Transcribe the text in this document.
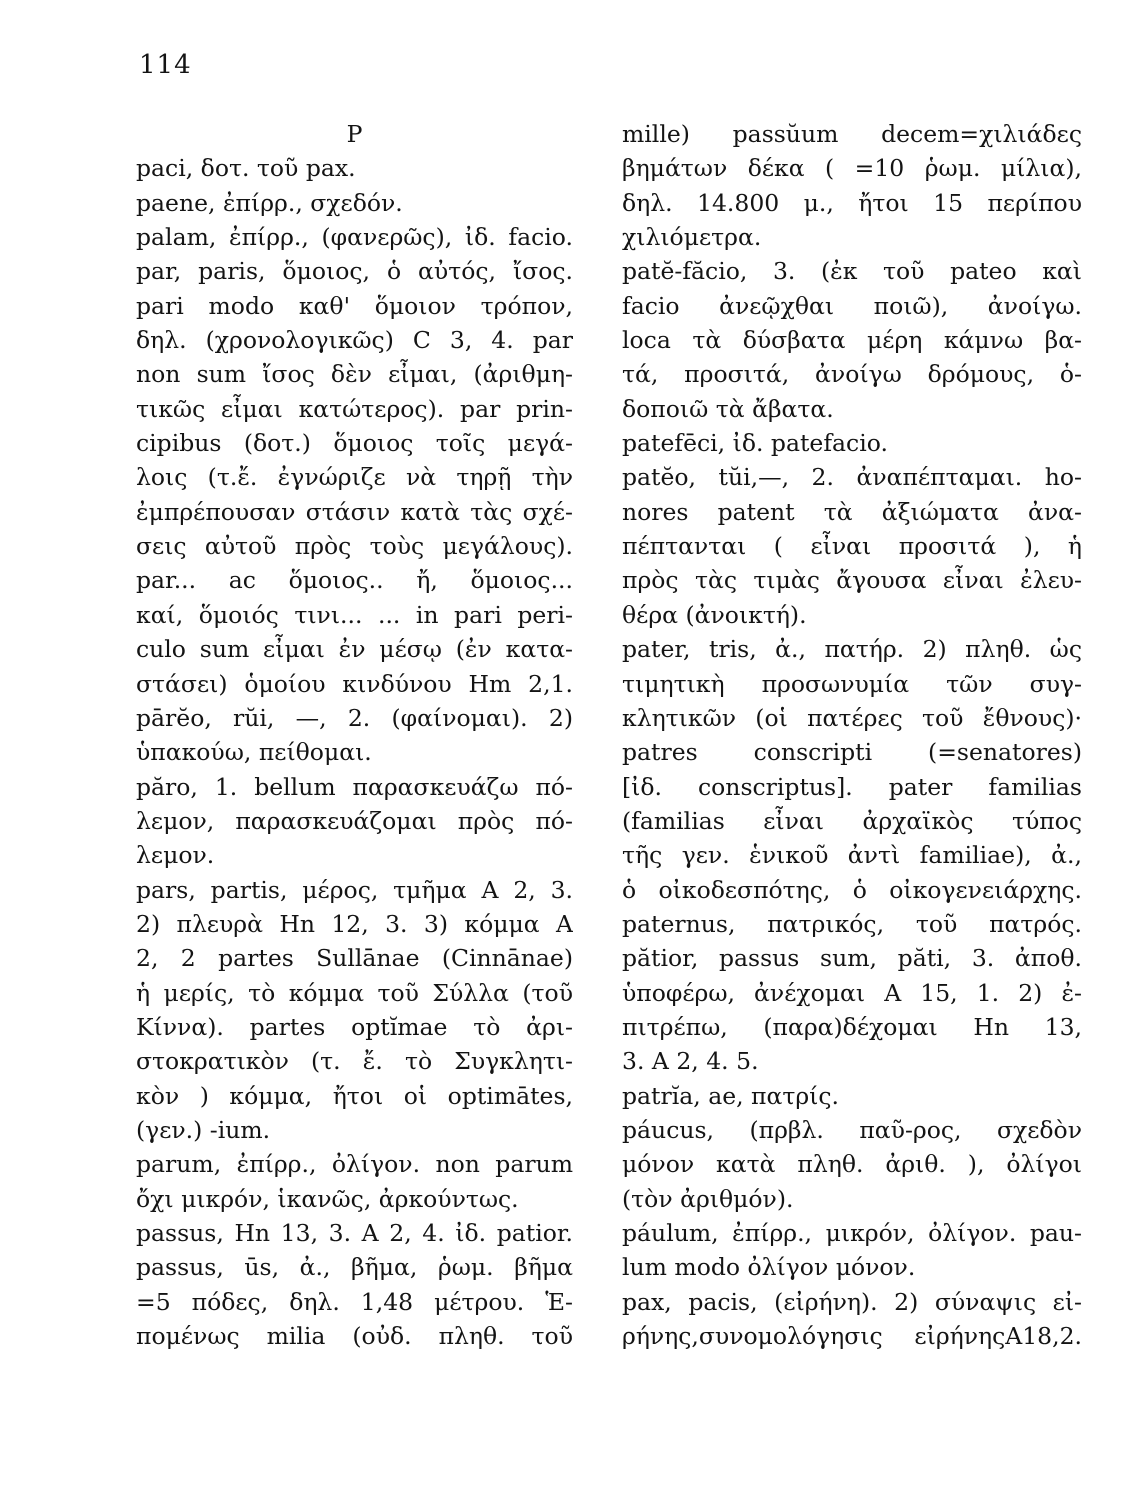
114
P
paci, δοτ. τοῦ pax.
paene, ἐπίρρ., σχεδόν.
palam, ἐπίρρ., (φανερῶς), ἰδ. facio.
par, paris, ὅμοιος, ὁ αὐτός, ἴσος.
pari modo καθ' ὅμοιον τρόπον,
δηλ. (χρονολογικῶς) C 3, 4. par
non sum ἴσος δὲν εἶμαι, (ἀριθμη-
τικῶς εἶμαι κατώτερος). par prin-
cipibus (δοτ.) ὅμοιος τοῖς μεγά-
λοις (τ.ἔ. ἐγνώριζε νὰ τηρῇ τὴν
ἐμπρέπουσαν στάσιν κατὰ τὰς σχέ-
σεις αὐτοῦ πρὸς τοὺς μεγάλους).
par... ac ὅμοιος.. ἤ, ὅμοιος...
καί, ὅμοιός τινι... ... in pari peri-
culo sum εἶμαι ἐν μέσῳ (ἐν κατα-
στάσει) ὁμοίου κινδύνου Hm 2,1.
pārĕo, rŭi, —, 2. (φαίνομαι). 2)
ὑπακούω, πείθομαι.
păro, 1. bellum παρασκευάζω πό-
λεμον, παρασκευάζομαι πρὸς πό-
λεμον.
pars, partis, μέρος, τμῆμα A 2, 3.
2) πλευρὰ Hn 12, 3. 3) κόμμα A
2, 2 partes Sullānae (Cinnānae)
ἡ μερίς, τὸ κόμμα τοῦ Σύλλα (τοῦ
Κίννα). partes optĭmae τὸ ἀρι-
στοκρατικὸν (τ. ἔ. τὸ Συγκλητι-
κὸν ) κόμμα, ἤτοι οἱ optimātes,
(γεν.) -ium.
parum, ἐπίρρ., ὀλίγον. non parum
ὄχι μικρόν, ἱκανῶς, ἀρκούντως.
passus, Hn 13, 3. A 2, 4. ἰδ. patior.
passus, ūs, ἀ., βῆμα, ῥωμ. βῆμα
=5 πόδες, δηλ. 1,48 μέτρου. Ἑ-
πομένως milia (οὐδ. πληθ. τοῦ
mille) passŭum decem=χιλιάδες
βημάτων δέκα ( =10 ῥωμ. μίλια),
δηλ. 14.800 μ., ἤτοι 15 περίπου
χιλιόμετρα.
patĕ-făcio, 3. (ἐκ τοῦ pateo καὶ
facio ἀνεῷχθαι ποιῶ), ἀνοίγω.
loca τὰ δύσβατα μέρη κάμνω βα-
τά, προσιτά, ἀνοίγω δρόμους, ὁ-
δοποιῶ τὰ ἄβατα.
patefēci, ἰδ. patefacio.
patĕo, tŭi,—, 2. ἀναπέπταμαι. ho-
nores patent τὰ ἀξιώματα ἀνα-
πέπτανται ( εἶναι προσιτά ), ἡ
πρὸς τὰς τιμὰς ἄγουσα εἶναι ἐλευ-
θέρα (ἀνοικτή).
pater, tris, ἀ., πατήρ. 2) πληθ. ὡς
τιμητικὴ προσωνυμία τῶν συγ-
κλητικῶν (οἱ πατέρες τοῦ ἔθνους)·
patres conscripti (=senatores)
[ἰδ. conscriptus]. pater familias
(familias εἶναι ἀρχαϊκὸς τύπος
τῆς γεν. ἑνικοῦ ἀντὶ familiae), ἀ.,
ὁ οἰκοδεσπότης, ὁ οἰκογενειάρχης.
paternus, πατρικός, τοῦ πατρός.
pătior, passus sum, păti, 3. ἀποθ.
ὑποφέρω, ἀνέχομαι A 15, 1. 2) ἐ-
πιτρέπω, (παρα)δέχομαι Hn 13,
3. A 2, 4. 5.
patrĭa, ae, πατρίς.
páucus, (πρβλ. παῦ-ρος, σχεδὸν
μόνον κατὰ πληθ. ἀριθ. ), ὀλίγοι
(τὸν ἀριθμόν).
páulum, ἐπίρρ., μικρόν, ὀλίγον. pau-
lum modo ὀλίγον μόνον.
pax, pacis, (εἰρήνη). 2) σύναψις εἰ-
ρήνης,συνομολόγησις εἰρήνηςA18,2.
